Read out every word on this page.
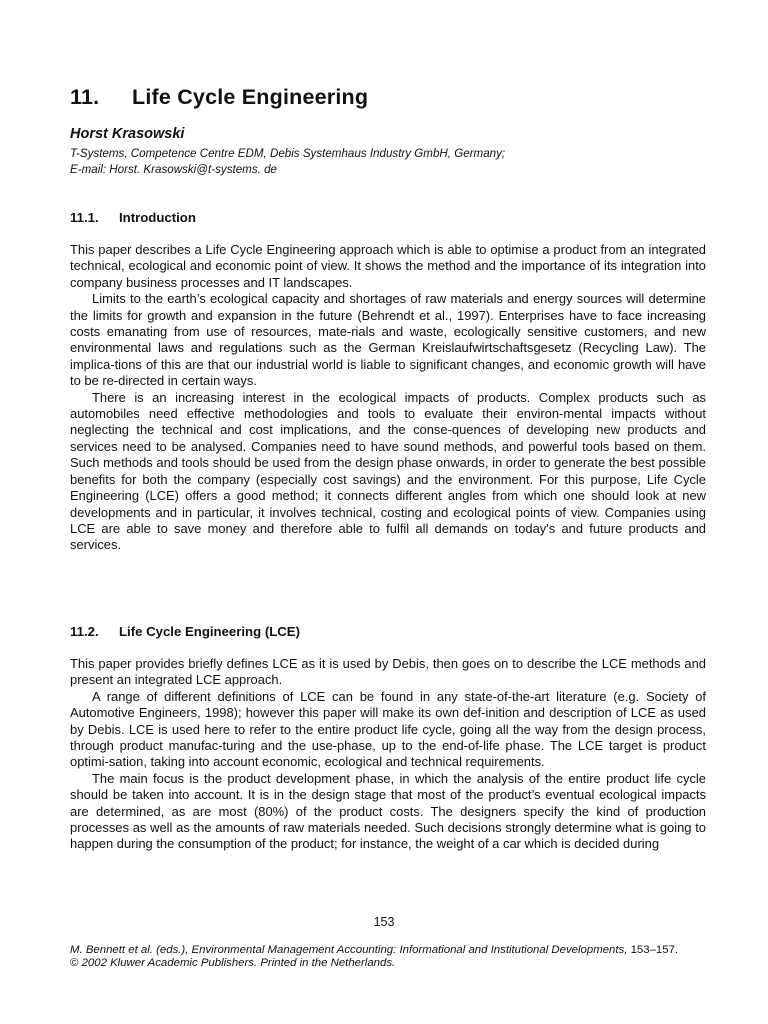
11. Life Cycle Engineering
Horst Krasowski
T-Systems, Competence Centre EDM, Debis Systemhaus Industry GmbH, Germany;
E-mail: Horst. Krasowski@t-systems. de
11.1. Introduction

This paper describes a Life Cycle Engineering approach which is able to optimise a product from an integrated technical, ecological and economic point of view. It shows the method and the importance of its integration into company business processes and IT landscapes.

Limits to the earth’s ecological capacity and shortages of raw materials and energy sources will determine the limits for growth and expansion in the future (Behrendt et al., 1997). Enterprises have to face increasing costs emanating from use of resources, mate-rials and waste, ecologically sensitive customers, and new environmental laws and regulations such as the German Kreislaufwirtschaftsgesetz (Recycling Law). The implica-tions of this are that our industrial world is liable to significant changes, and economic growth will have to be re-directed in certain ways.

There is an increasing interest in the ecological impacts of products. Complex products such as automobiles need effective methodologies and tools to evaluate their environ-mental impacts without neglecting the technical and cost implications, and the conse-quences of developing new products and services need to be analysed. Companies need to have sound methods, and powerful tools based on them. Such methods and tools should be used from the design phase onwards, in order to generate the best possible benefits for both the company (especially cost savings) and the environment. For this purpose, Life Cycle Engineering (LCE) offers a good method; it connects different angles from which one should look at new developments and in particular, it involves technical, costing and ecological points of view. Companies using LCE are able to save money and therefore able to fulfil all demands on today's and future products and services.

11.2. Life Cycle Engineering (LCE)

This paper provides briefly defines LCE as it is used by Debis, then goes on to describe the LCE methods and present an integrated LCE approach.

A range of different definitions of LCE can be found in any state-of-the-art literature (e.g. Society of Automotive Engineers, 1998); however this paper will make its own def-inition and description of LCE as used by Debis. LCE is used here to refer to the entire product life cycle, going all the way from the design process, through product manufac-turing and the use-phase, up to the end-of-life phase. The LCE target is product optimi-sation, taking into account economic, ecological and technical requirements.

The main focus is the product development phase, in which the analysis of the entire product life cycle should be taken into account. It is in the design stage that most of the product’s eventual ecological impacts are determined, as are most (80%) of the product costs. The designers specify the kind of production processes as well as the amounts of raw materials needed. Such decisions strongly determine what is going to happen during the consumption of the product; for instance, the weight of a car which is decided during

153
M. Bennett et al. (eds.), Environmental Management Accounting: Informational and Institutional Developments, 153–157.
© 2002 Kluwer Academic Publishers. Printed in the Netherlands.
